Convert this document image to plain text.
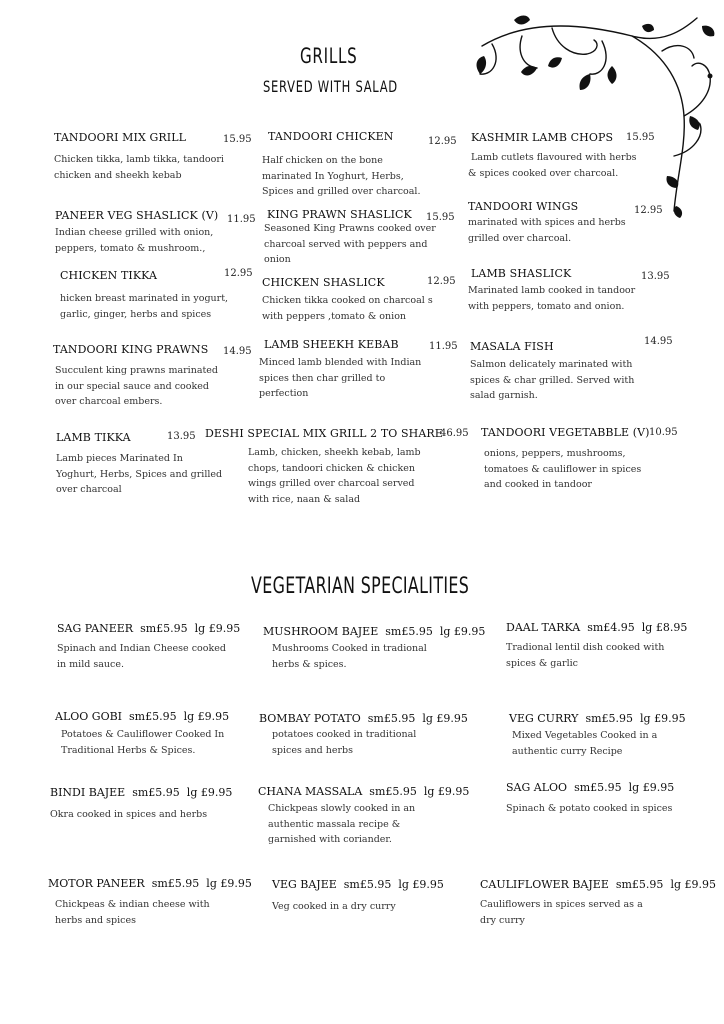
GRILLS
SERVED WITH SALAD
TANDOORI MIX GRILL	15.95
Chicken tikka, lamb tikka, tandoori
chicken and sheekh kebab
TANDOORI CHICKEN	12.95
Half chicken on the bone
marinated In Yoghurt, Herbs,
Spices and grilled over charcoal.
KASHMIR LAMB CHOPS 15.95
Lamb cutlets flavoured with herbs
& spices cooked over charcoal.
PANEER VEG SHASLICK (V) 11.95
Indian cheese grilled with onion,
peppers, tomato & mushroom.,
KING PRAWN SHASLICK 15.95
Seasoned King Prawns cooked over
charcoal served with peppers and
onion
TANDOORI WINGS	12.95
marinated with spices and herbs
grilled over charcoal.
CHICKEN TIKKA	12.95
hicken breast marinated in yogurt,
garlic, ginger, herbs and spices
CHICKEN SHASLICK	12.95
Chicken tikka cooked on charcoal s
with peppers ,tomato & onion
LAMB SHASLICK	13.95
Marinated lamb cooked in tandoor
with peppers, tomato and onion.
TANDOORI KING PRAWNS 14.95
Succulent king prawns marinated
in our special sauce and cooked
over charcoal embers.
LAMB SHEEKH KEBAB	11.95
Minced lamb blended with Indian
spices then char grilled to
perfection
MASALA FISH	14.95
Salmon delicately marinated with
spices & char grilled. Served with
salad garnish.
LAMB TIKKA	13.95
Lamb pieces Marinated In
Yoghurt, Herbs, Spices and grilled
over charcoal
DESHI SPECIAL MIX GRILL 2 TO SHARE
46.95
Lamb, chicken, sheekh kebab, lamb
chops, tandoori chicken & chicken
wings grilled over charcoal served
with rice, naan & salad
TANDOORI VEGETABBLE (V) 10.95
onions, peppers, mushrooms,
tomatoes & cauliflower in spices
and cooked in tandoor
VEGETARIAN SPECIALITIES
SAG PANEER sm£5.95 lg £9.95
Spinach and Indian Cheese cooked
in mild sauce.
MUSHROOM BAJEE sm£5.95 lg £9.95
Mushrooms Cooked in tradional
herbs & spices.
DAAL TARKA sm£4.95 lg £8.95
Tradional lentil dish cooked with
spices & garlic
ALOO GOBI sm£5.95 lg £9.95
Potatoes & Cauliflower Cooked In
Traditional Herbs & Spices.
BOMBAY POTATO sm£5.95 lg £9.95
potatoes cooked in traditional
spices and herbs
VEG CURRY sm£5.95 lg £9.95
Mixed Vegetables Cooked in a
authentic curry Recipe
BINDI BAJEE sm£5.95 lg £9.95
Okra cooked in spices and herbs
CHANA MASSALA sm£5.95 lg £9.95
Chickpeas slowly cooked in an
authentic massala recipe &
garnished with coriander.
SAG ALOO sm£5.95 lg £9.95
Spinach & potato cooked in spices
MOTOR PANEER sm£5.95 lg £9.95
Chickpeas & indian cheese with
herbs and spices
VEG BAJEE sm£5.95 lg £9.95
Veg cooked in a dry curry
CAULIFLOWER BAJEE sm£5.95 lg £9.95
Cauliflowers in spices served as a
dry curry
